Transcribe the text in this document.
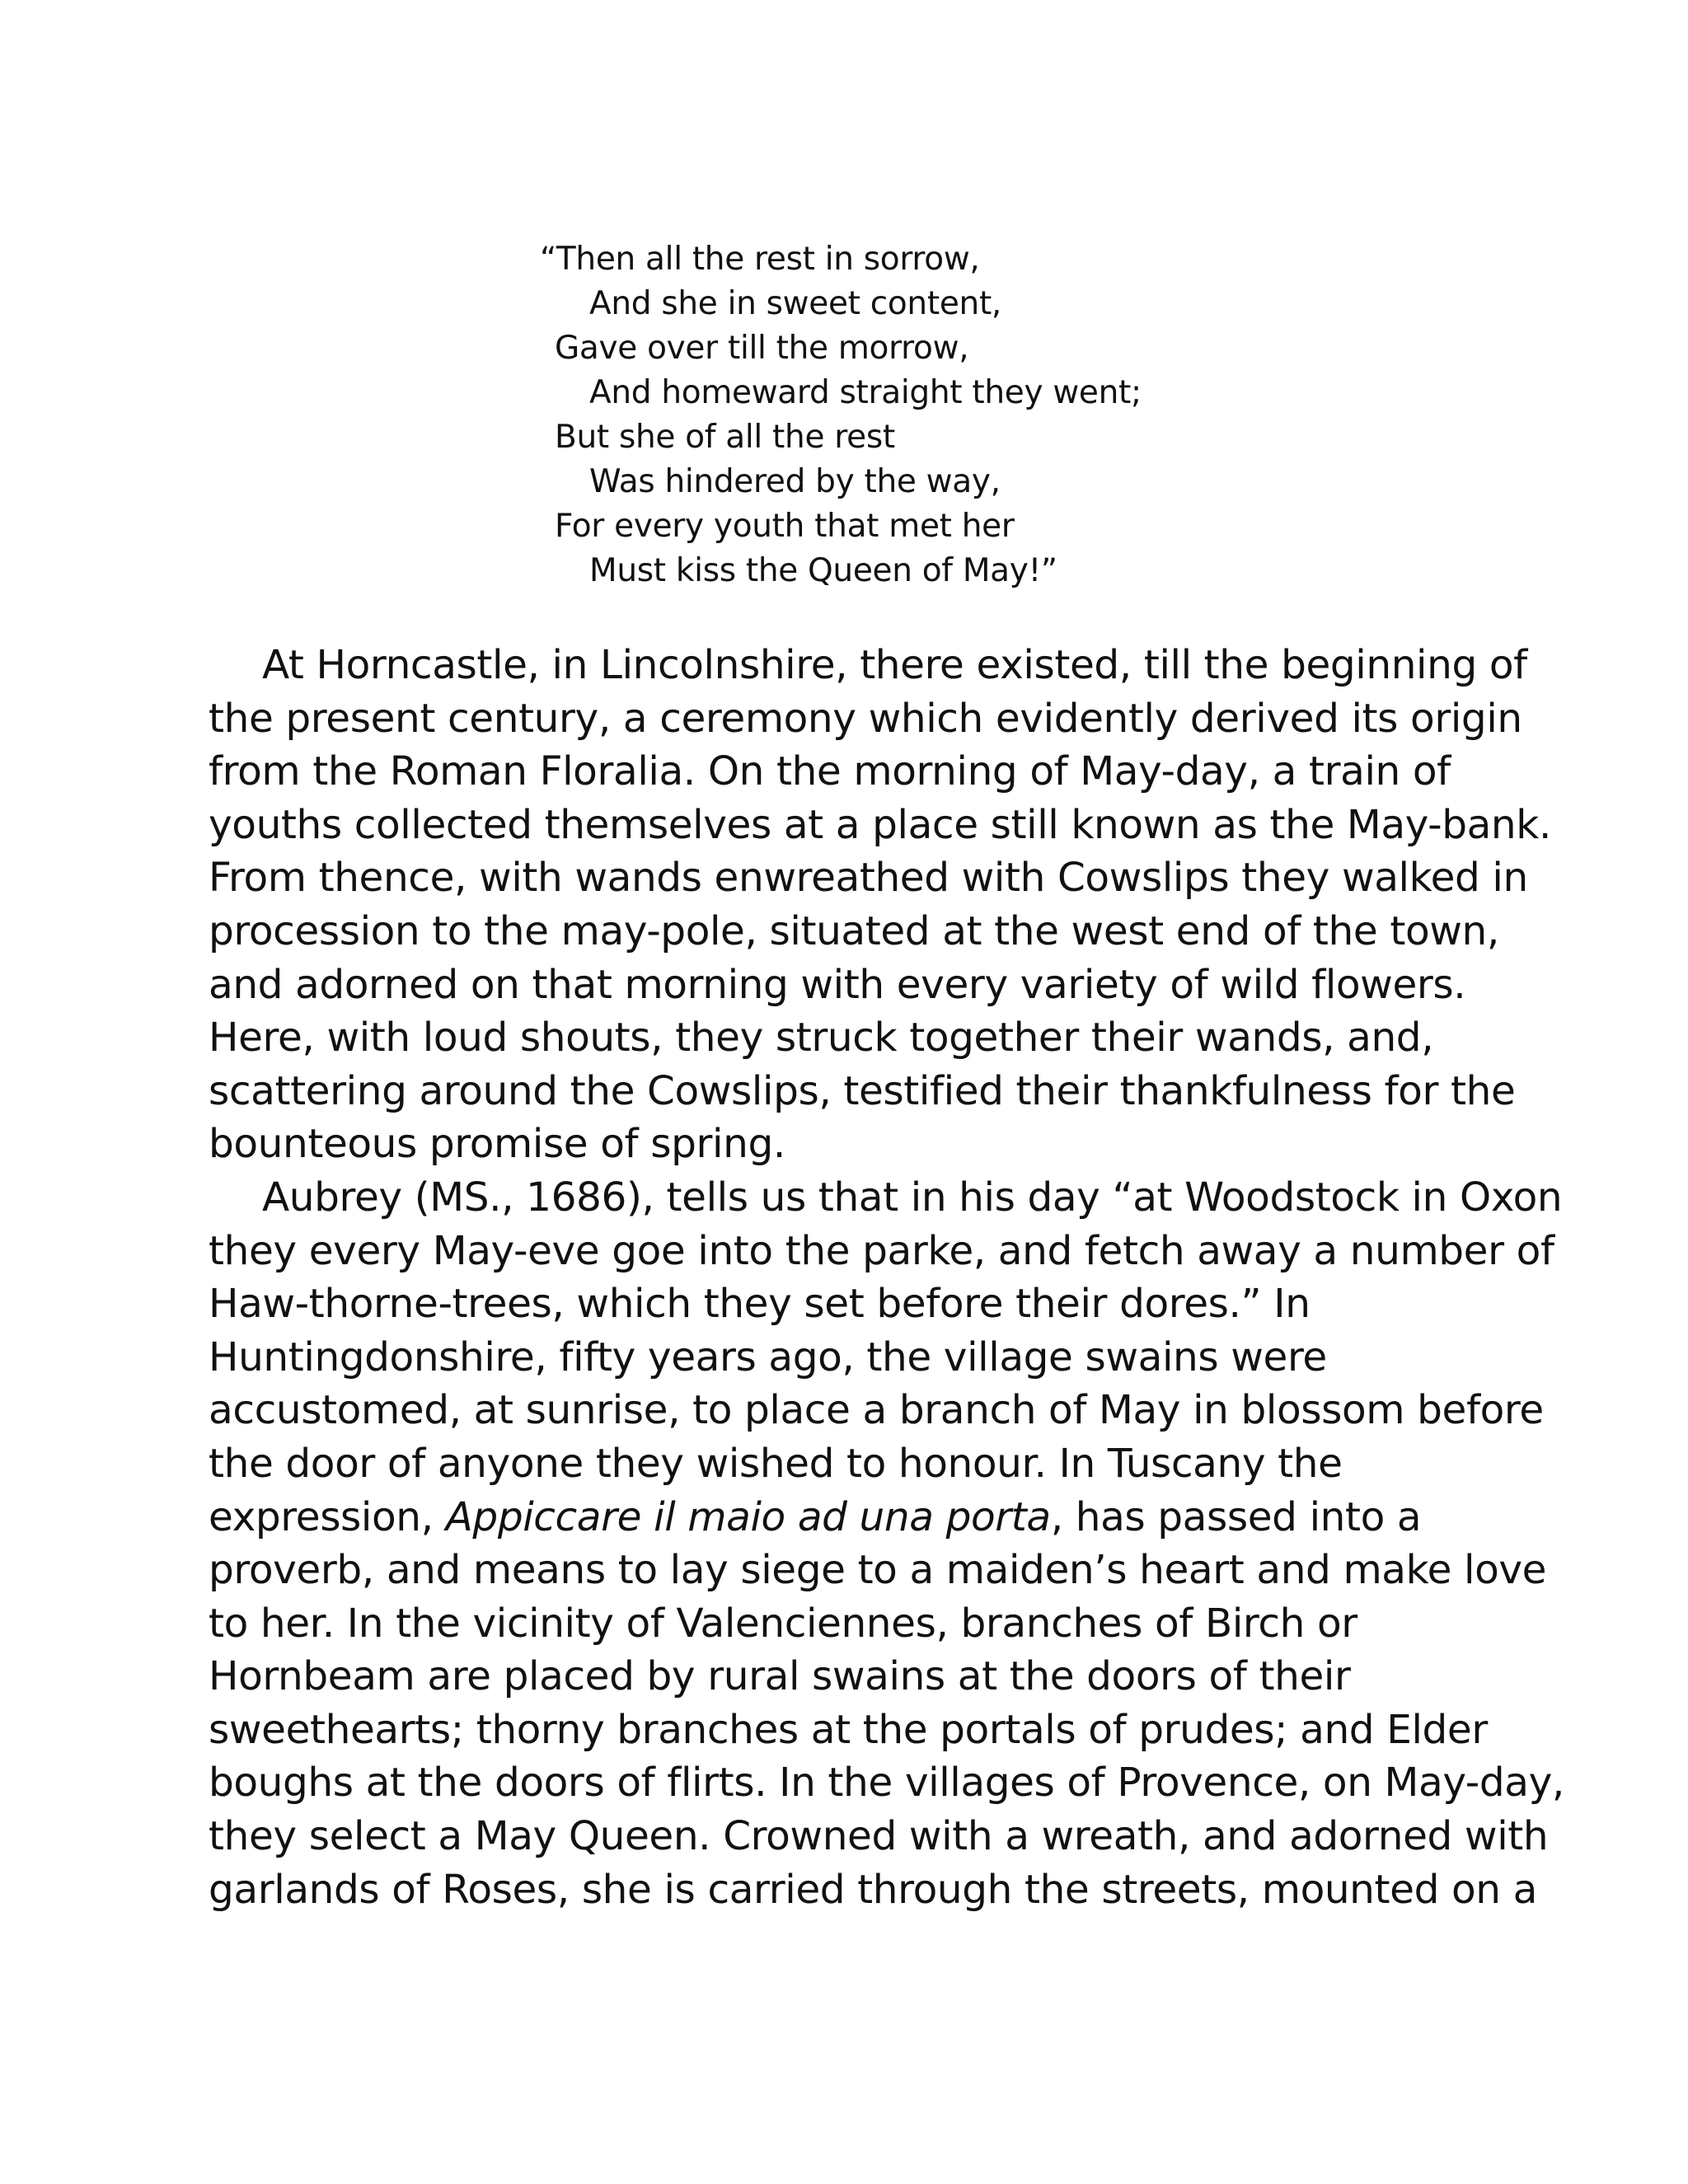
“Then all the rest in sorrow,
And she in sweet content,
Gave over till the morrow,
And homeward straight they went;
But she of all the rest
Was hindered by the way,
For every youth that met her
Must kiss the Queen of May!”
At Horncastle, in Lincolnshire, there existed, till the beginning of
the present century, a ceremony which evidently derived its origin
from the Roman Floralia. On the morning of May-day, a train of
youths collected themselves at a place still known as the May-bank.
From thence, with wands enwreathed with Cowslips they walked in
procession to the may-pole, situated at the west end of the town,
and adorned on that morning with every variety of wild flowers.
Here, with loud shouts, they struck together their wands, and,
scattering around the Cowslips, testified their thankfulness for the
bounteous promise of spring.
Aubrey (MS., 1686), tells us that in his day “at Woodstock in Oxon
they every May-eve goe into the parke, and fetch away a number of
Haw-thorne-trees, which they set before their dores.” In
Huntingdonshire, fifty years ago, the village swains were
accustomed, at sunrise, to place a branch of May in blossom before
the door of anyone they wished to honour. In Tuscany the
expression, Appiccare il maio ad una porta, has passed into a
proverb, and means to lay siege to a maiden’s heart and make love
to her. In the vicinity of Valenciennes, branches of Birch or
Hornbeam are placed by rural swains at the doors of their
sweethearts; thorny branches at the portals of prudes; and Elder
boughs at the doors of flirts. In the villages of Provence, on May-day,
they select a May Queen. Crowned with a wreath, and adorned with
garlands of Roses, she is carried through the streets, mounted on a
